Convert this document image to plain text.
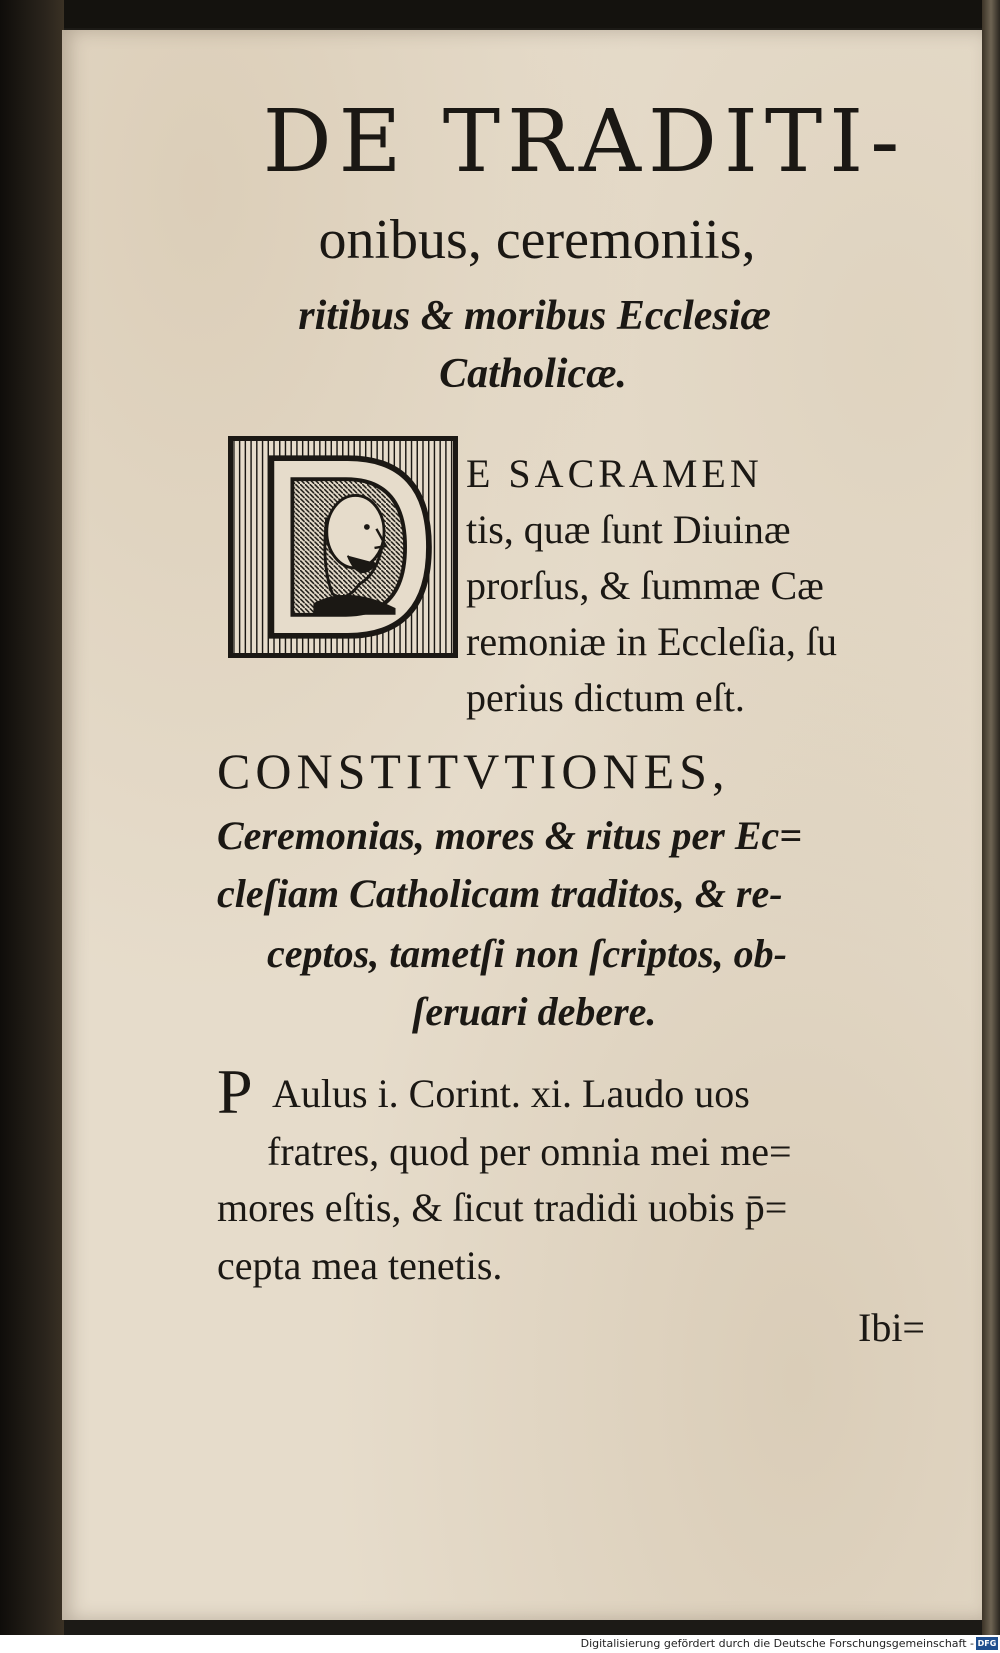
DE TRADITI-
onibus, ceremoniis,
ritibus & moribus Ecclesiæ
Catholicæ.
E SACRAMEN
tis, quæ ſunt Diuinæ
prorſus, & ſummæ Cæ
remoniæ in Eccleſia, ſu
perius dictum eſt.
CONSTITVTIONES,
Ceremonias, mores & ritus per Ec=
cleſiam Catholicam traditos, & re-
ceptos, tametſi non ſcriptos, ob-
ſeruari debere.
P Aulus i. Corint. xi. Laudo uos
fratres, quod per omnia mei me=
mores eſtis, & ſicut tradidi uobis p̄=
cepta mea tenetis.
Ibi=
Digitalisierung gefördert durch die Deutsche Forschungsgemeinschaft - DFG
